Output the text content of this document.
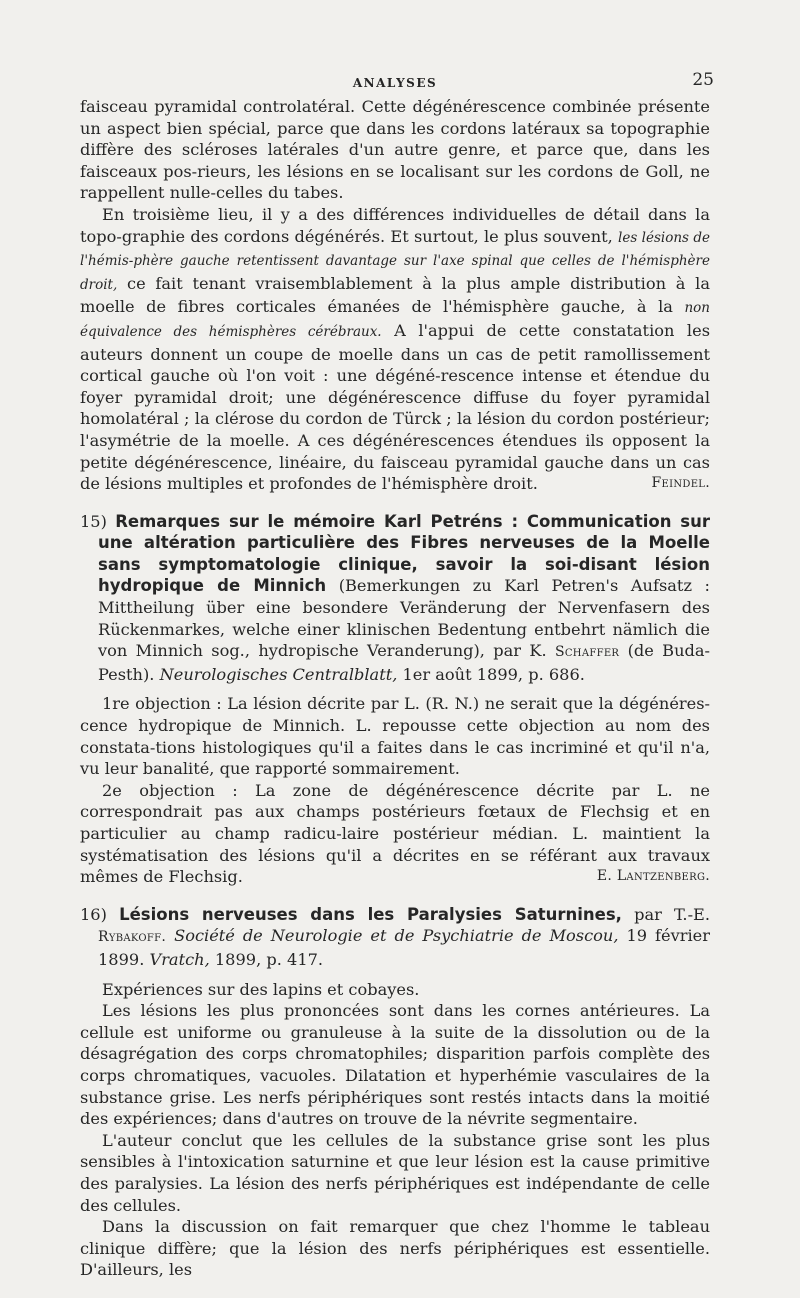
ANALYSES	25

faisceau pyramidal controlatéral. Cette dégénérescence combinée présente un aspect bien spécial, parce que dans les cordons latéraux sa topographie diffère des scléroses latérales d'un autre genre, et parce que, dans les faisceaux pos-rieurs, les lésions en se localisant sur les cordons de Goll, ne rappellent nulle-celles du tabes.

En troisième lieu, il y a des différences individuelles de détail dans la topo-graphie des cordons dégénérés. Et surtout, le plus souvent, les lésions de l'hémis-phère gauche retentissent davantage sur l'axe spinal que celles de l'hémisphère droit, ce fait tenant vraisemblablement à la plus ample distribution à la moelle de fibres corticales émanées de l'hémisphère gauche, à la non équivalence des hémisphères cérébraux. A l'appui de cette constatation les auteurs donnent un coupe de moelle dans un cas de petit ramollissement cortical gauche où l'on voit : une dégéné-rescence intense et étendue du foyer pyramidal droit; une dégénérescence diffuse du foyer pyramidal homolatéral ; la clérose du cordon de Türck ; la lésion du cordon postérieur; l'asymétrie de la moelle. A ces dégénérescences étendues ils opposent la petite dégénérescence, linéaire, du faisceau pyramidal gauche dans un cas de lésions multiples et profondes de l'hémisphère droit.	Feindel.

15) Remarques sur le mémoire Karl Petréns : Communication sur une altération particulière des Fibres nerveuses de la Moelle sans symptomatologie clinique, savoir la soi-disant lésion hydropique de Minnich (Bemerkungen zu Karl Petren's Aufsatz : Mittheilung über eine besondere Veränderung der Nervenfasern des Rückenmarkes, welche einer klinischen Bedentung entbehrt nämlich die von Minnich sog., hydropische Veranderung), par K. Schaffer (de Buda-Pesth). Neurologisches Centralblatt, 1er août 1899, p. 686.

1re objection : La lésion décrite par L. (R. N.) ne serait que la dégénéres-cence hydropique de Minnich. L. repousse cette objection au nom des constata-tions histologiques qu'il a faites dans le cas incriminé et qu'il n'a, vu leur banalité, que rapporté sommairement.

2e objection : La zone de dégénérescence décrite par L. ne correspondrait pas aux champs postérieurs fœtaux de Flechsig et en particulier au champ radicu-laire postérieur médian. L. maintient la systématisation des lésions qu'il a décrites en se référant aux travaux mêmes de Flechsig.	E. Lantzenberg.

16) Lésions nerveuses dans les Paralysies Saturnines, par T.-E. Rybakoff. Société de Neurologie et de Psychiatrie de Moscou, 19 février 1899. Vratch, 1899, p. 417.

Expériences sur des lapins et cobayes.

Les lésions les plus prononcées sont dans les cornes antérieures. La cellule est uniforme ou granuleuse à la suite de la dissolution ou de la désagrégation des corps chromatophiles; disparition parfois complète des corps chromatiques, vacuoles. Dilatation et hyperhémie vasculaires de la substance grise. Les nerfs périphériques sont restés intacts dans la moitié des expériences; dans d'autres on trouve de la névrite segmentaire.

L'auteur conclut que les cellules de la substance grise sont les plus sensibles à l'intoxication saturnine et que leur lésion est la cause primitive des paralysies. La lésion des nerfs périphériques est indépendante de celle des cellules.

Dans la discussion on fait remarquer que chez l'homme le tableau clinique diffère; que la lésion des nerfs périphériques est essentielle. D'ailleurs, les
